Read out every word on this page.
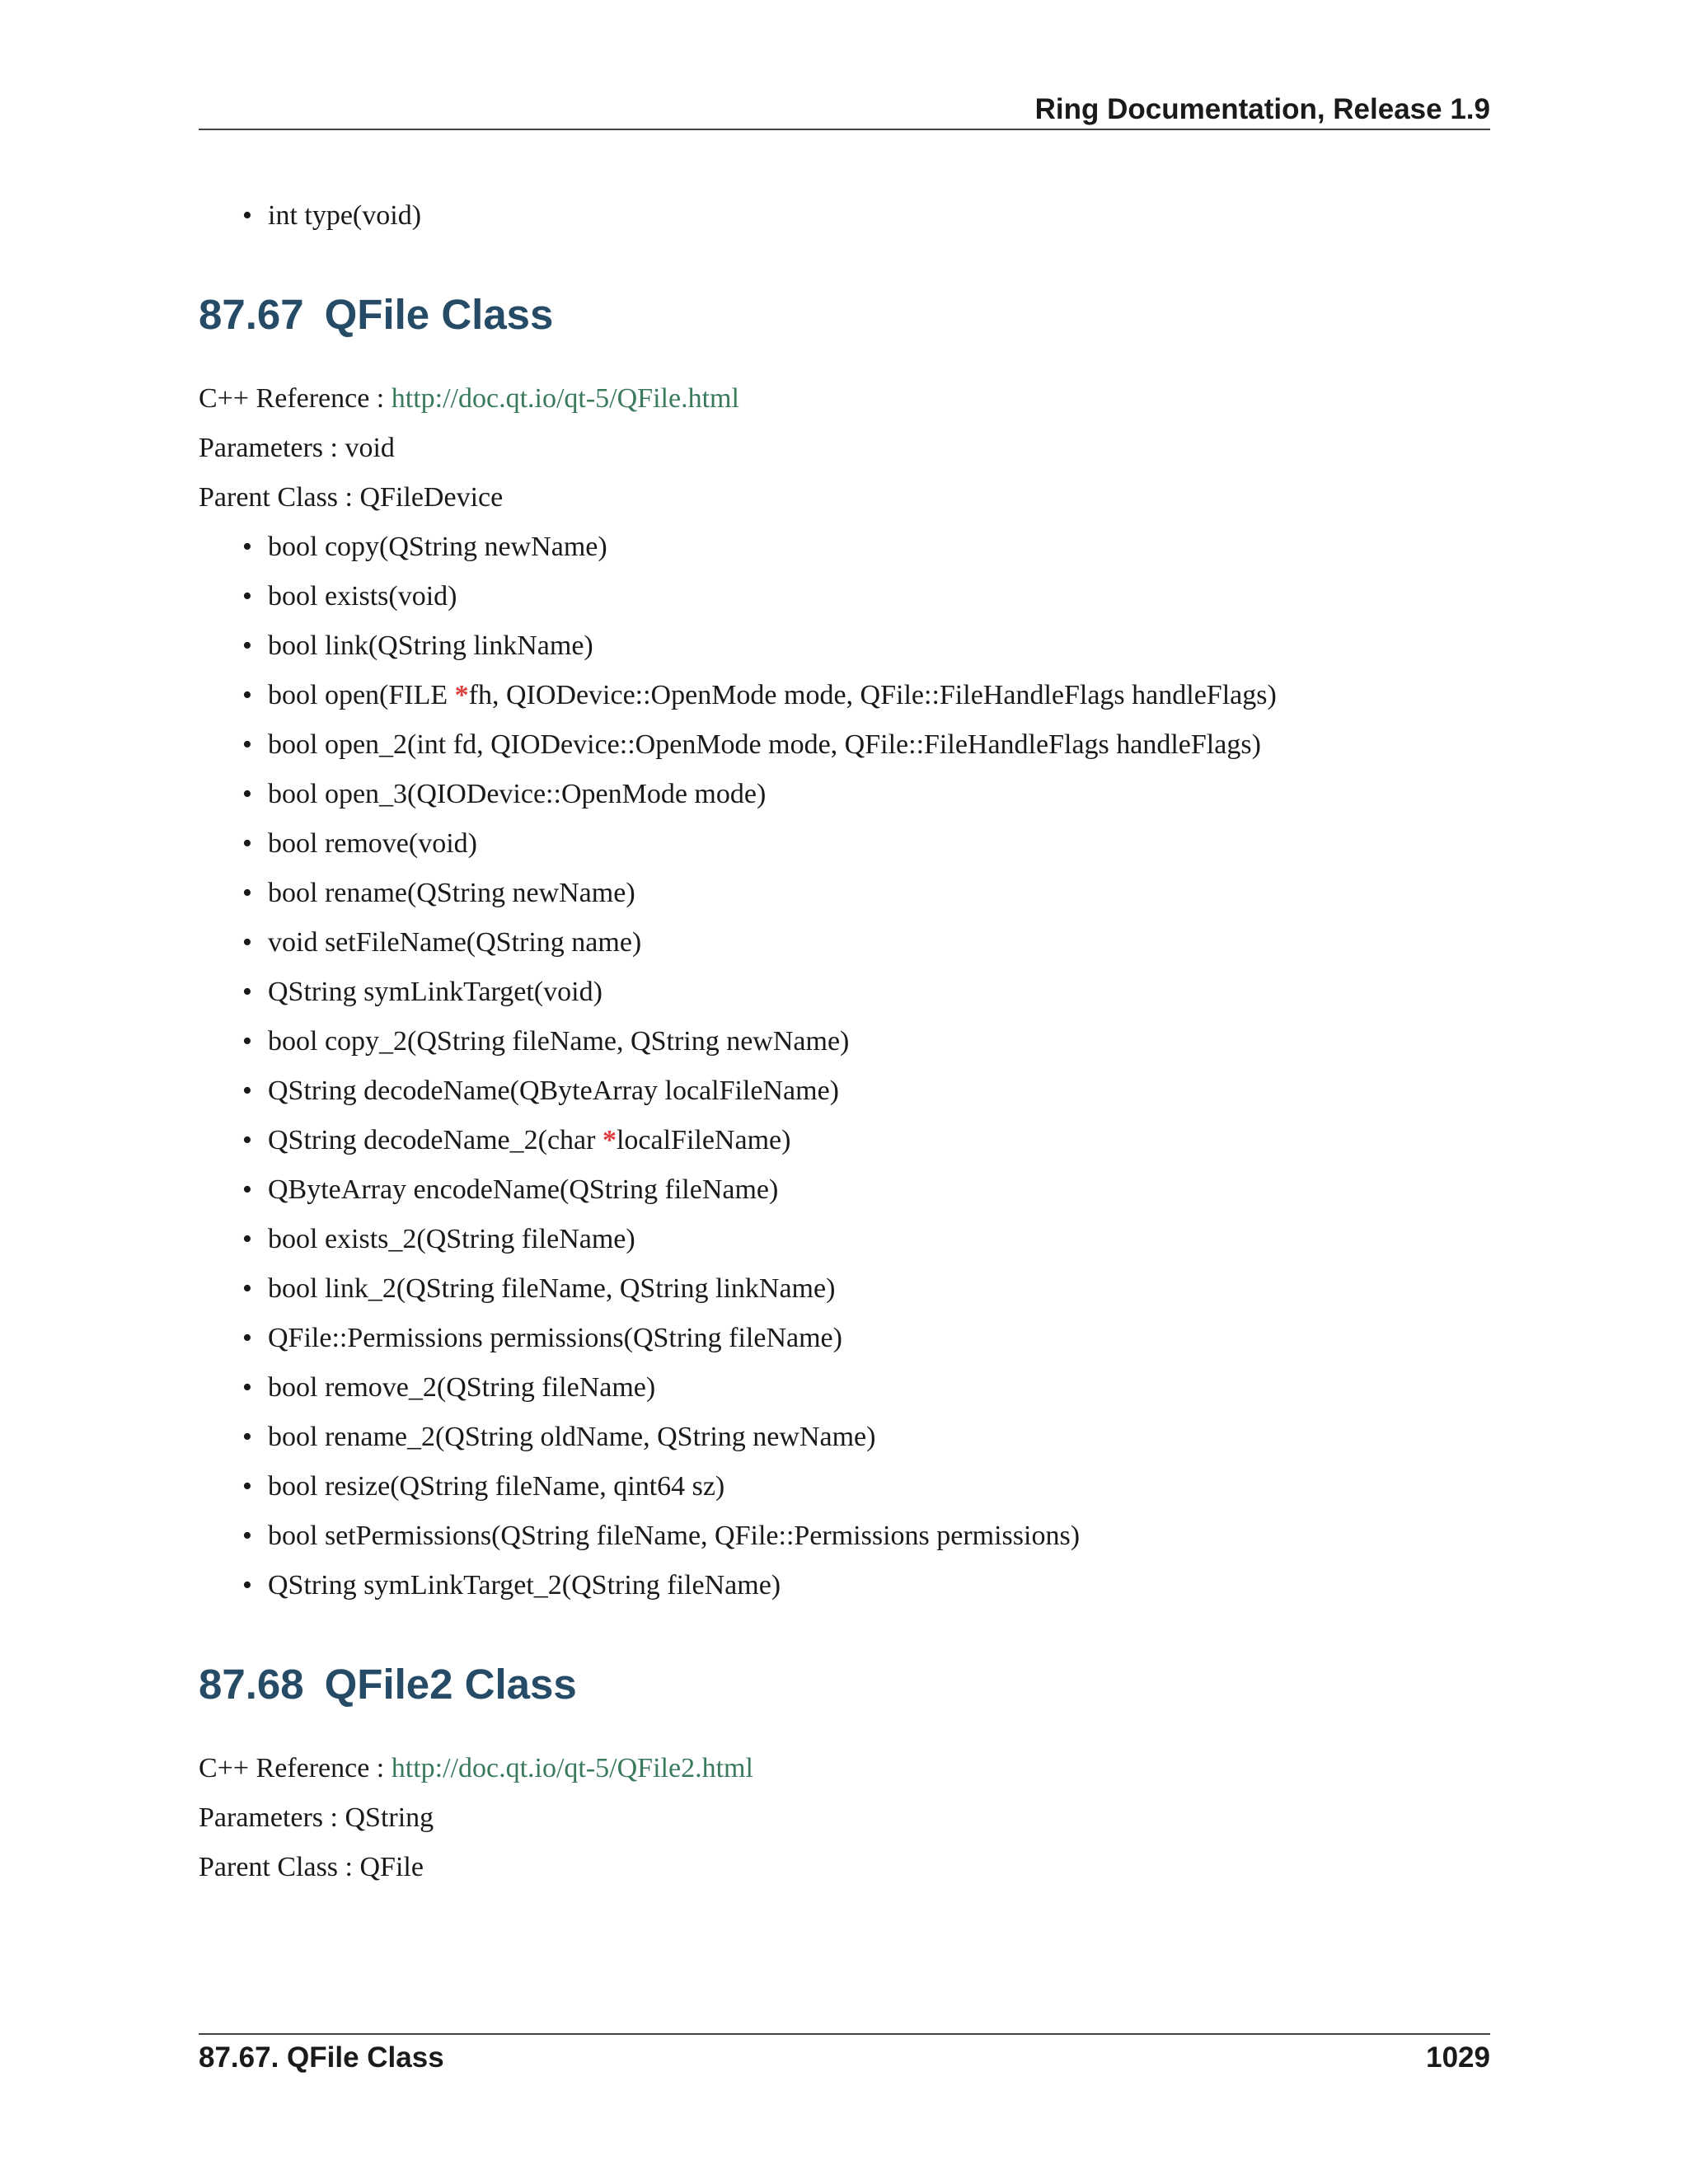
Ring Documentation, Release 1.9
• int type(void)
87.67 QFile Class

C++ Reference : http://doc.qt.io/qt-5/QFile.html

Parameters : void

Parent Class : QFileDevice

• bool copy(QString newName)
• bool exists(void)
• bool link(QString linkName)
• bool open(FILE *fh, QIODevice::OpenMode mode, QFile::FileHandleFlags handleFlags)
• bool open_2(int fd, QIODevice::OpenMode mode, QFile::FileHandleFlags handleFlags)
• bool open_3(QIODevice::OpenMode mode)
• bool remove(void)
• bool rename(QString newName)
• void setFileName(QString name)
• QString symLinkTarget(void)
• bool copy_2(QString fileName, QString newName)
• QString decodeName(QByteArray localFileName)
• QString decodeName_2(char *localFileName)
• QByteArray encodeName(QString fileName)
• bool exists_2(QString fileName)
• bool link_2(QString fileName, QString linkName)
• QFile::Permissions permissions(QString fileName)
• bool remove_2(QString fileName)
• bool rename_2(QString oldName, QString newName)
• bool resize(QString fileName, qint64 sz)
• bool setPermissions(QString fileName, QFile::Permissions permissions)
• QString symLinkTarget_2(QString fileName)
87.68 QFile2 Class

C++ Reference : http://doc.qt.io/qt-5/QFile2.html

Parameters : QString

Parent Class : QFile

87.67. QFile Class	1029
